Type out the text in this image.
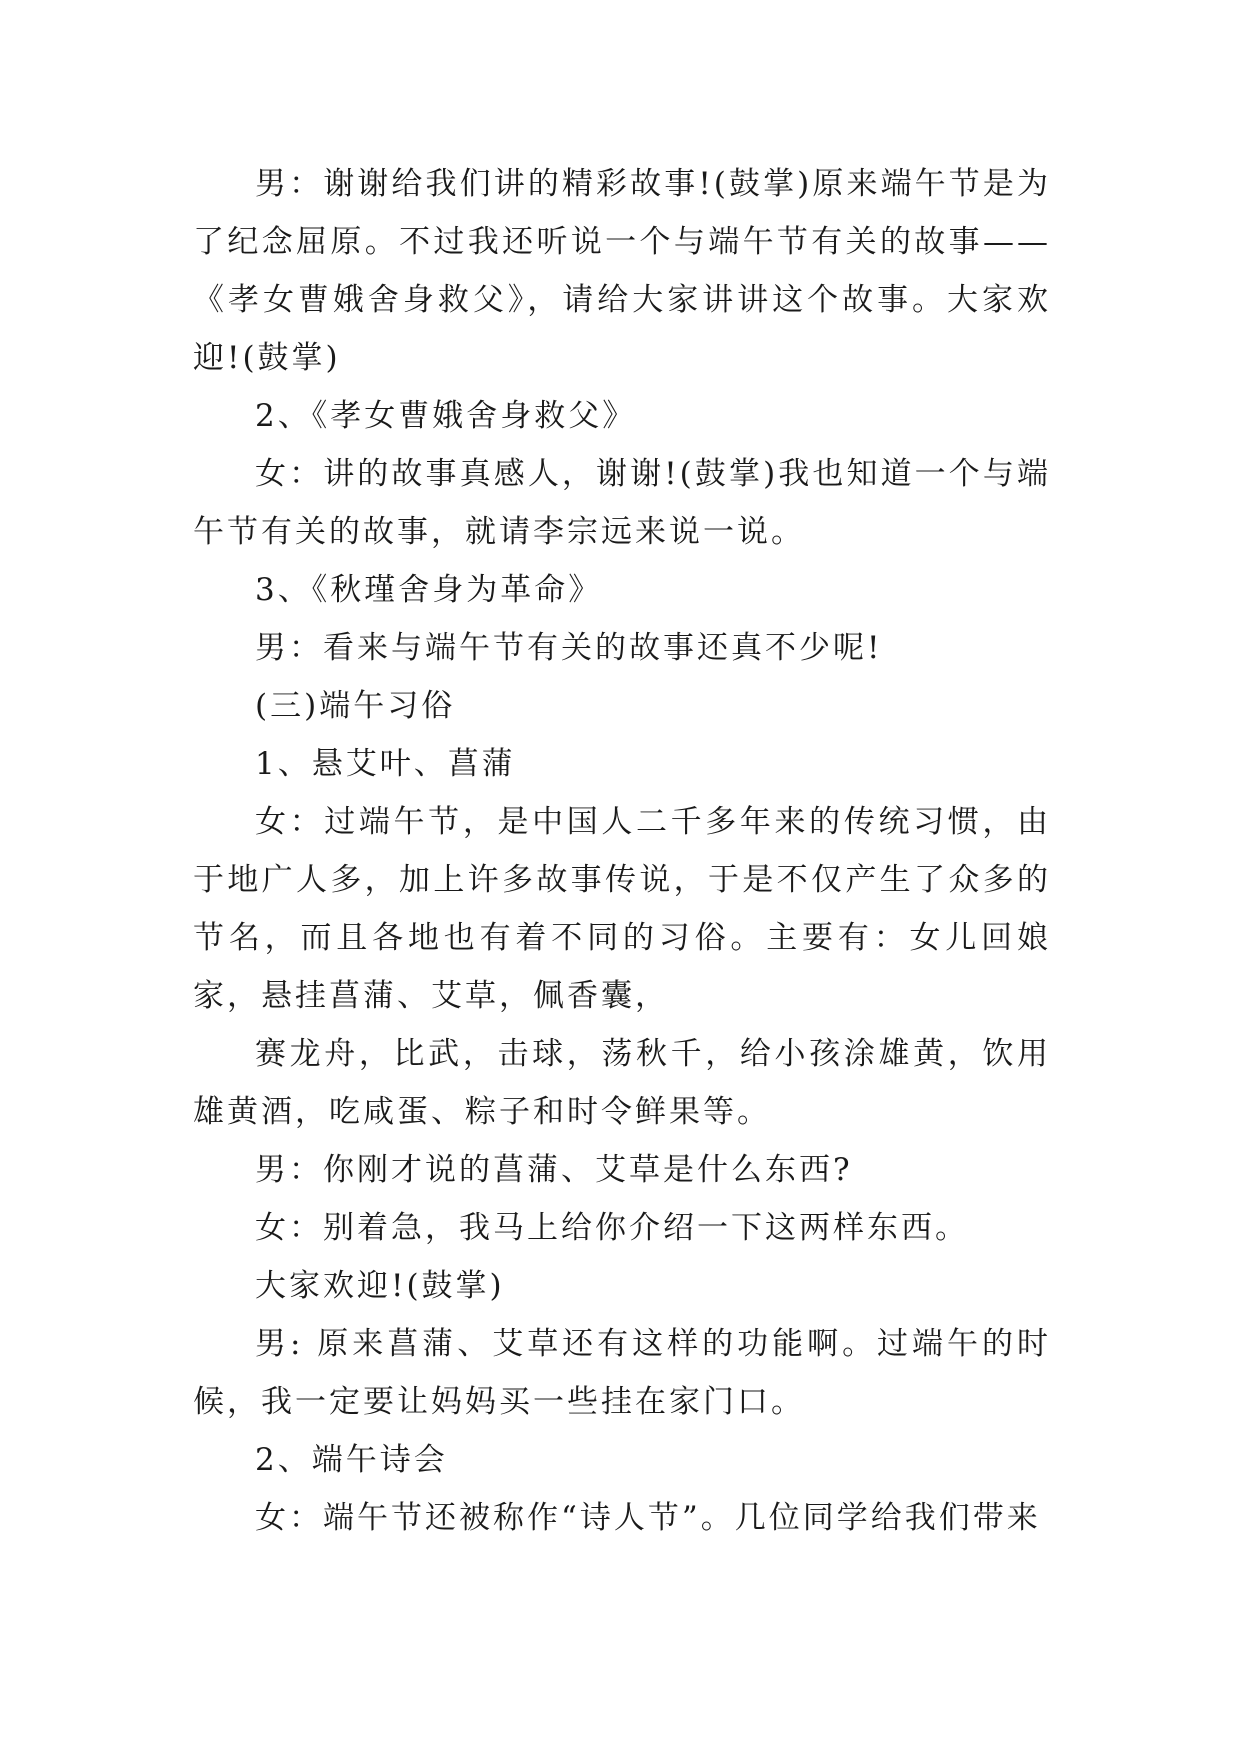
男：谢谢给我们讲的精彩故事!(鼓掌)原来端午节是为了纪念屈原。不过我还听说一个与端午节有关的故事——《孝女曹娥舍身救父》，请给大家讲讲这个故事。大家欢迎!(鼓掌)

2、《孝女曹娥舍身救父》

女：讲的故事真感人，谢谢!(鼓掌)我也知道一个与端午节有关的故事，就请李宗远来说一说。

3、《秋瑾舍身为革命》

男：看来与端午节有关的故事还真不少呢!

(三)端午习俗

1、悬艾叶、菖蒲

女：过端午节，是中国人二千多年来的传统习惯，由于地广人多，加上许多故事传说，于是不仅产生了众多的节名，而且各地也有着不同的习俗。主要有：女儿回娘家，悬挂菖蒲、艾草，佩香囊，

赛龙舟，比武，击球，荡秋千，给小孩涂雄黄，饮用雄黄酒，吃咸蛋、粽子和时令鲜果等。

男：你刚才说的菖蒲、艾草是什么东西?

女：别着急，我马上给你介绍一下这两样东西。

大家欢迎!(鼓掌)

男: 原来菖蒲、艾草还有这样的功能啊。过端午的时候，我一定要让妈妈买一些挂在家门口。

2、端午诗会

女：端午节还被称作“诗人节”。几位同学给我们带来
